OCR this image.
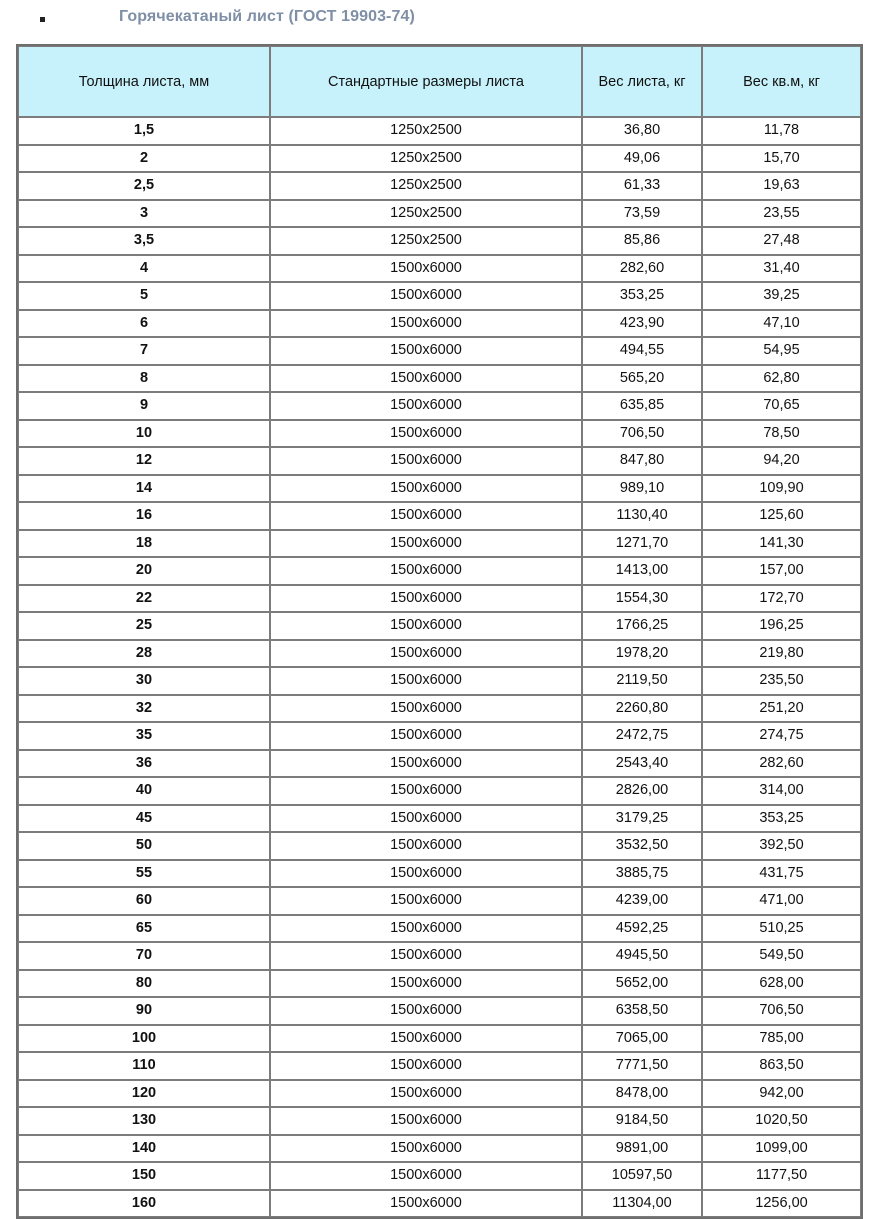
Горячекатаный лист (ГОСТ 19903-74)
Толщина листа, мм	Стандартные размеры листа	Вес листа, кг	Вес кв.м, кг
1,5	1250х2500	36,80	11,78
2	1250х2500	49,06	15,70
2,5	1250х2500	61,33	19,63
3	1250х2500	73,59	23,55
3,5	1250х2500	85,86	27,48
4	1500х6000	282,60	31,40
5	1500х6000	353,25	39,25
6	1500х6000	423,90	47,10
7	1500х6000	494,55	54,95
8	1500х6000	565,20	62,80
9	1500х6000	635,85	70,65
10	1500х6000	706,50	78,50
12	1500х6000	847,80	94,20
14	1500х6000	989,10	109,90
16	1500х6000	1130,40	125,60
18	1500х6000	1271,70	141,30
20	1500х6000	1413,00	157,00
22	1500х6000	1554,30	172,70
25	1500х6000	1766,25	196,25
28	1500х6000	1978,20	219,80
30	1500х6000	2119,50	235,50
32	1500х6000	2260,80	251,20
35	1500х6000	2472,75	274,75
36	1500х6000	2543,40	282,60
40	1500х6000	2826,00	314,00
45	1500х6000	3179,25	353,25
50	1500х6000	3532,50	392,50
55	1500х6000	3885,75	431,75
60	1500х6000	4239,00	471,00
65	1500х6000	4592,25	510,25
70	1500х6000	4945,50	549,50
80	1500х6000	5652,00	628,00
90	1500х6000	6358,50	706,50
100	1500х6000	7065,00	785,00
110	1500х6000	7771,50	863,50
120	1500х6000	8478,00	942,00
130	1500х6000	9184,50	1020,50
140	1500х6000	9891,00	1099,00
150	1500х6000	10597,50	1177,50
160	1500х6000	11304,00	1256,00
